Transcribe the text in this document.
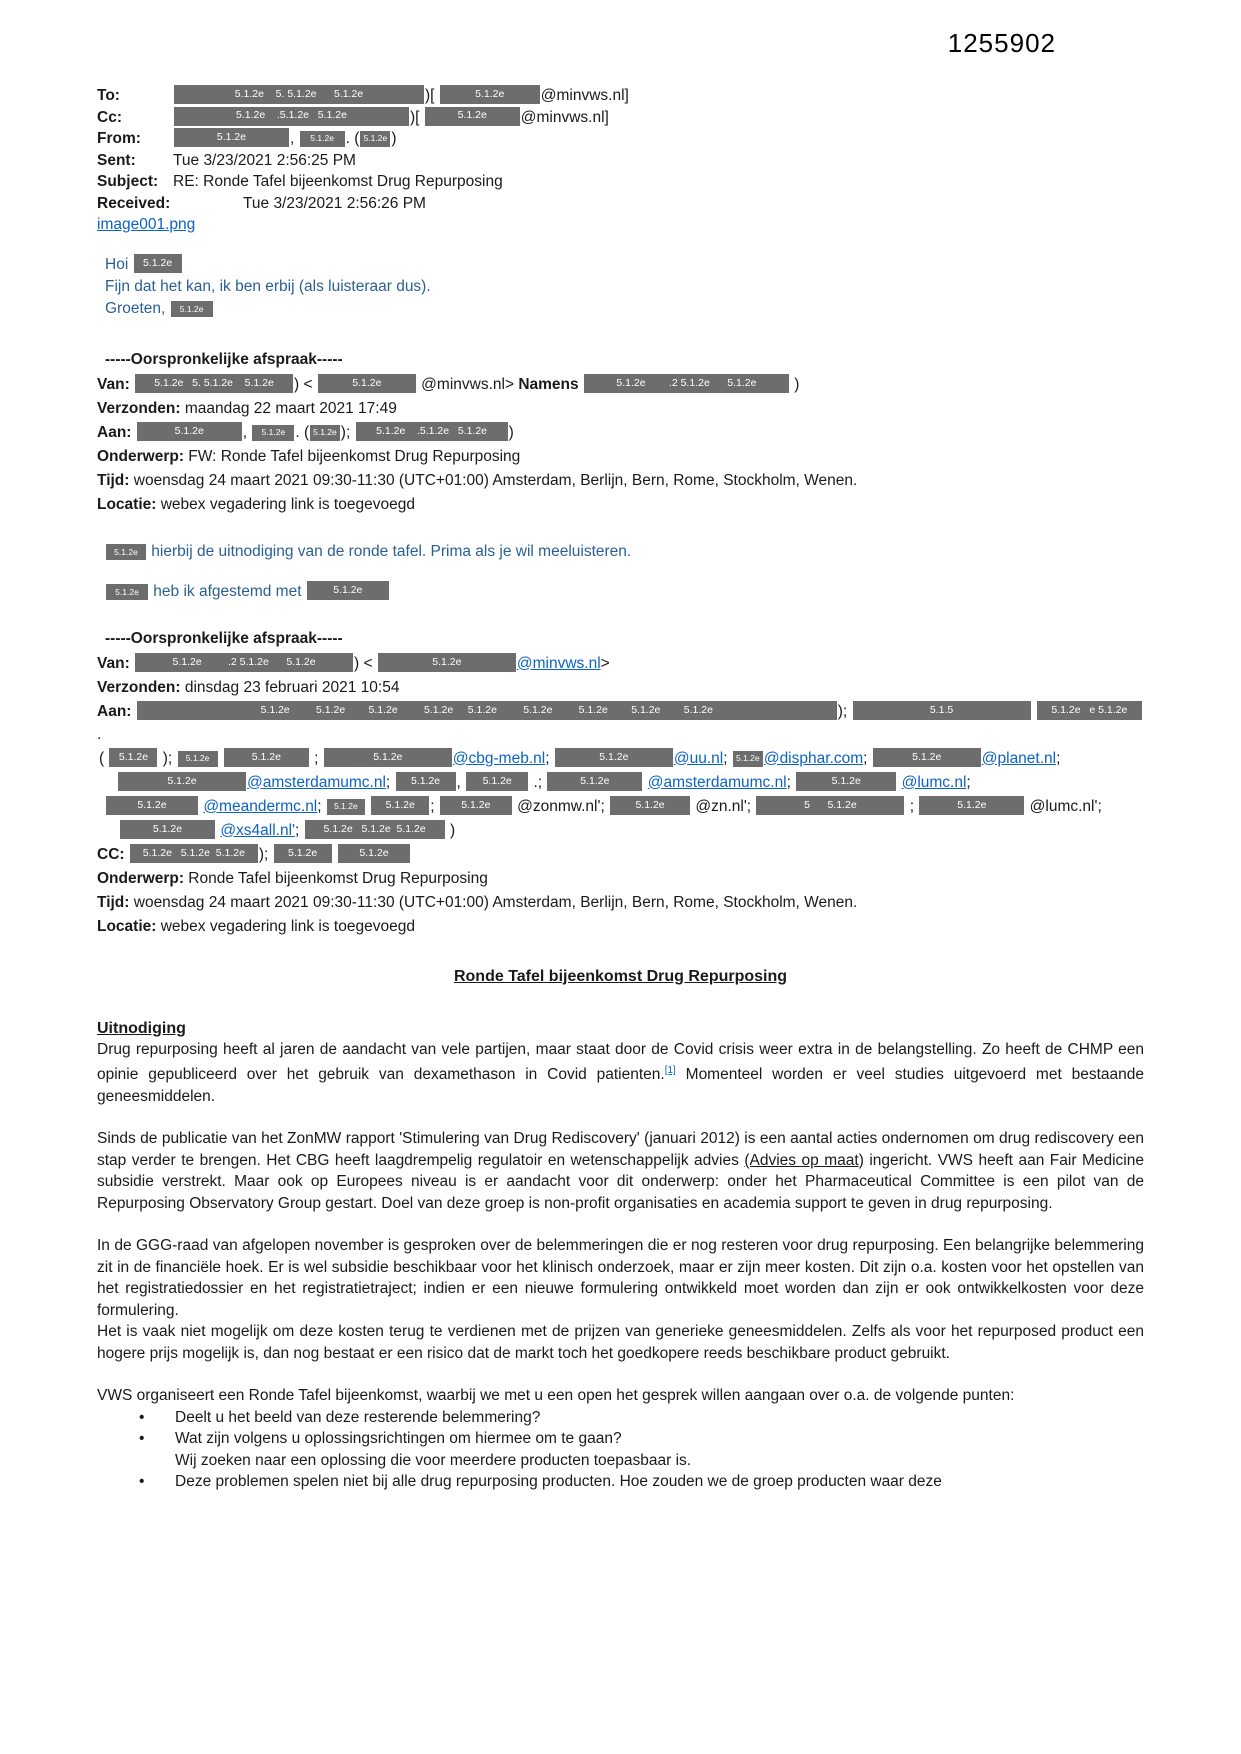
1255902
To:	5.1.2e    5. 5.1.2e      5.1.2e	)[	5.1.2e @minvws.nl]
Cc:	5.1.2e    .5.1.2e   5.1.2e	)[	5.1.2e @minvws.nl]
From:	5.1.2e	, 5.1.2e . ( 5.1.2e )
Sent:	Tue 3/23/2021 2:56:25 PM
Subject: RE: Ronde Tafel bijeenkomst Drug Repurposing
Received:	Tue 3/23/2021 2:56:26 PM
image001.png
Hoi 5.1.2e
Fijn dat het kan, ik ben erbij (als luisteraar dus).
Groeten, 5.1.2e
-----Oorspronkelijke afspraak-----
Van: 5.1.2e   5. 5.1.2e    5.1.2e ) <	5.1.2e @minvws.nl> Namens	5.1.2e        .2 5.1.2e      5.1.2e )
Verzonden: maandag 22 maart 2021 17:49
Aan:	5.1.2e	, 5.1.2e . ( 5.1.2e ); 5.1.2e    .5.1.2e   5.1.2e )
Onderwerp: FW: Ronde Tafel bijeenkomst Drug Repurposing
Tijd: woensdag 24 maart 2021 09:30-11:30 (UTC+01:00) Amsterdam, Berlijn, Bern, Rome, Stockholm, Wenen.
Locatie: webex vegadering link is toegevoegd
5.1.2e hierbij de uitnodiging van de ronde tafel. Prima als je wil meeluisteren.
5.1.2e heb ik afgestemd met	5.1.2e
-----Oorspronkelijke afspraak-----
Van:	5.1.2e         .2 5.1.2e      5.1.2e ) <	5.1.2e	@minvws.nl>
Verzonden: dinsdag 23 februari 2021 10:54
Aan:	5.1.2e         5.1.2e        5.1.2e         5.1.2e     5.1.2e         5.1.2e         5.1.2e        5.1.2e        5.1.2e	);	5.1.5	5.1.2e   e 5.1.2e.
( 5.1.2e ); 5.1.2e	5.1.2e ;	5.1.2e	@cbg-meb.nl;	5.1.2e	@uu.nl; 5.1.2e @disphar.com;	5.1.2e	@planet.nl;
5.1.2e	@amsterdamumc.nl; 5.1.2e , 5.1.2e .;	5.1.2e @amsterdamumc.nl;	5.1.2e	@lumc.nl;
5.1.2e @meandermc.nl; 5.1.2e	5.1.2e ; 5.1.2e @zonmw.nl';	5.1.2e @zn.nl';	5      5.1.2e	;	5.1.2e	@lumc.nl';
5.1.2e @xs4all.nl'; 5.1.2e   5.1.2e  5.1.2e )
CC: 5.1.2e   5.1.2e  5.1.2e ); 5.1.2e	5.1.2e
Onderwerp: Ronde Tafel bijeenkomst Drug Repurposing
Tijd: woensdag 24 maart 2021 09:30-11:30 (UTC+01:00) Amsterdam, Berlijn, Bern, Rome, Stockholm, Wenen.
Locatie: webex vegadering link is toegevoegd
Ronde Tafel bijeenkomst Drug Repurposing
Uitnodiging
Drug repurposing heeft al jaren de aandacht van vele partijen, maar staat door de Covid crisis weer extra in de belangstelling. Zo heeft de CHMP een opinie gepubliceerd over het gebruik van dexamethason in Covid patienten.[1] Momenteel worden er veel studies uitgevoerd met bestaande geneesmiddelen.
Sinds de publicatie van het ZonMW rapport 'Stimulering van Drug Rediscovery' (januari 2012) is een aantal acties ondernomen om drug rediscovery een stap verder te brengen. Het CBG heeft laagdrempelig regulatoir en wetenschappelijk advies (Advies op maat) ingericht. VWS heeft aan Fair Medicine subsidie verstrekt. Maar ook op Europees niveau is er aandacht voor dit onderwerp: onder het Pharmaceutical Committee is een pilot van de Repurposing Observatory Group gestart. Doel van deze groep is non-profit organisaties en academia support te geven in drug repurposing.
In de GGG-raad van afgelopen november is gesproken over de belemmeringen die er nog resteren voor drug repurposing. Een belangrijke belemmering zit in de financiële hoek. Er is wel subsidie beschikbaar voor het klinisch onderzoek, maar er zijn meer kosten. Dit zijn o.a. kosten voor het opstellen van het registratiedossier en het registratietraject; indien er een nieuwe formulering ontwikkeld moet worden dan zijn er ook ontwikkelkosten voor deze formulering.
Het is vaak niet mogelijk om deze kosten terug te verdienen met de prijzen van generieke geneesmiddelen. Zelfs als voor het repurposed product een hogere prijs mogelijk is, dan nog bestaat er een risico dat de markt toch het goedkopere reeds beschikbare product gebruikt.
VWS organiseert een Ronde Tafel bijeenkomst, waarbij we met u een open het gesprek willen aangaan over o.a. de volgende punten:
• Deelt u het beeld van deze resterende belemmering?
• Wat zijn volgens u oplossingsrichtingen om hiermee om te gaan?
Wij zoeken naar een oplossing die voor meerdere producten toepasbaar is.
• Deze problemen spelen niet bij alle drug repurposing producten. Hoe zouden we de groep producten waar deze
